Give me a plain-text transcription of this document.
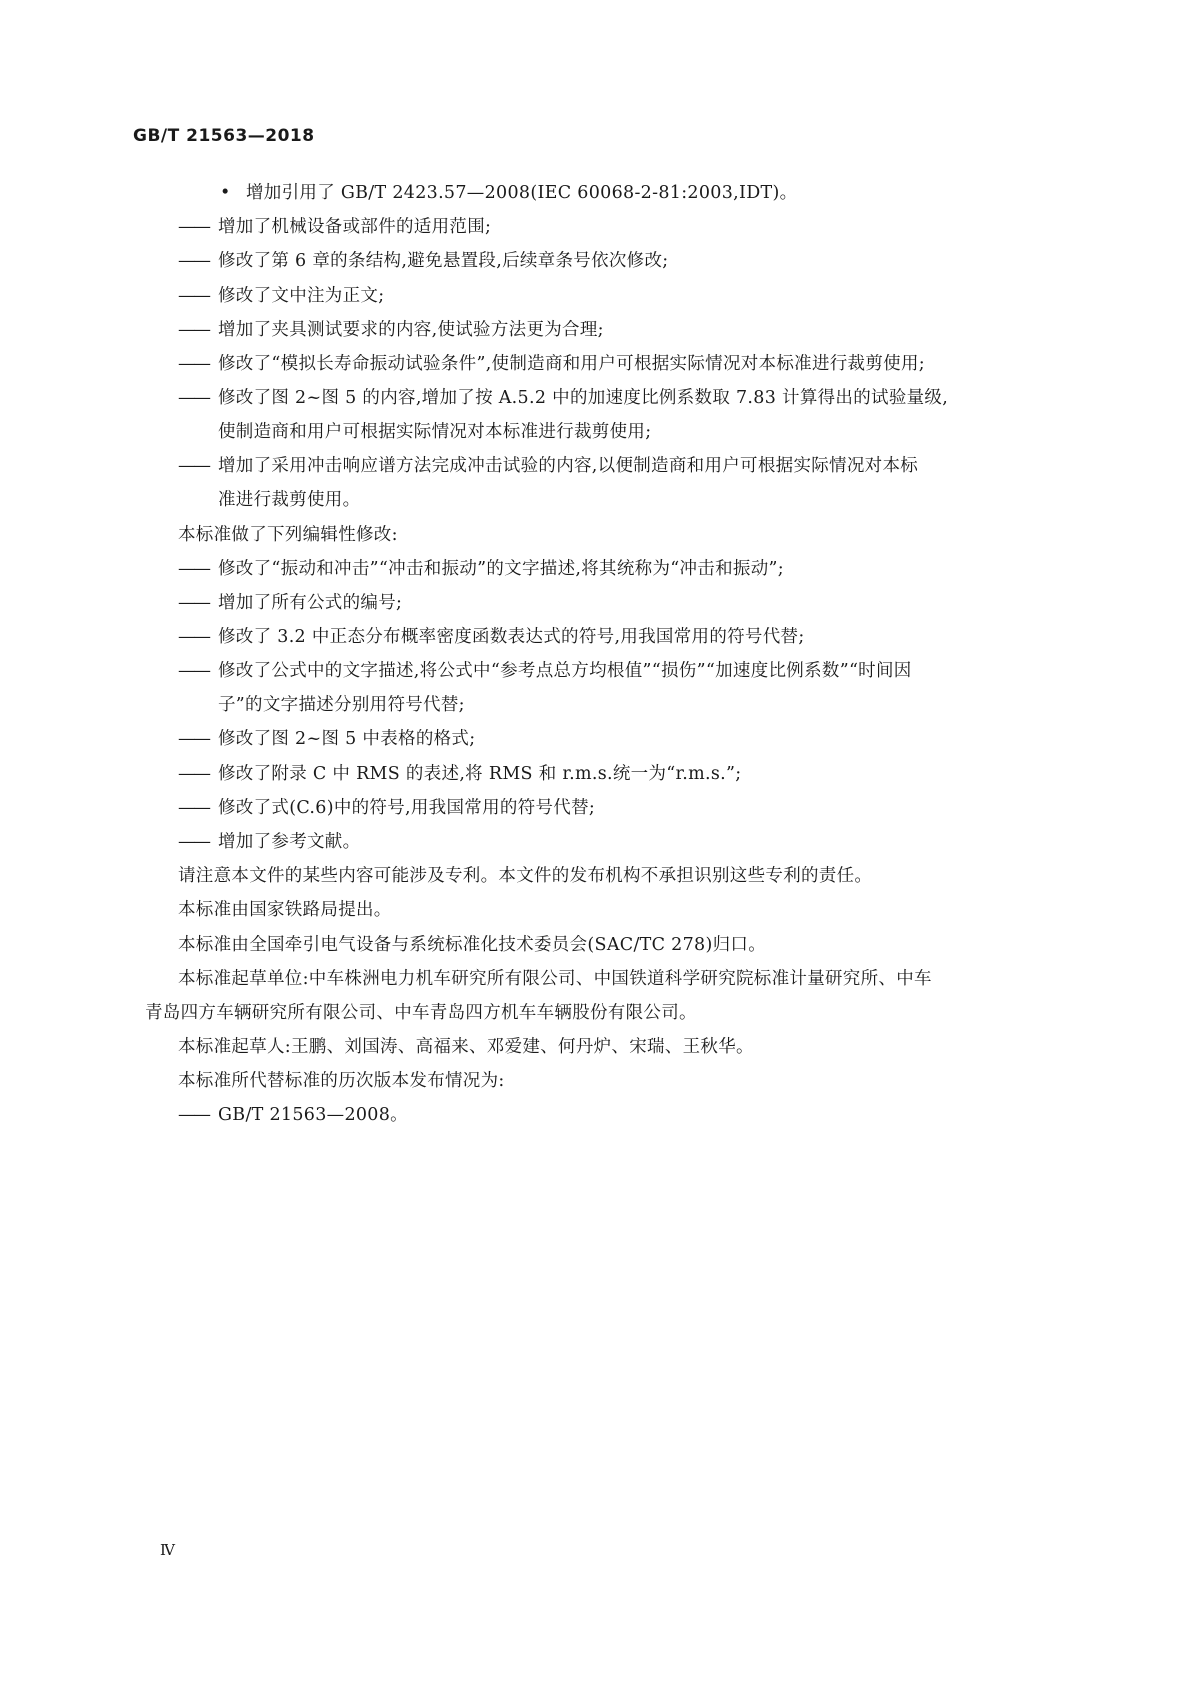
GB/T 21563—2018
• 增加引用了 GB/T 2423.57—2008(IEC 60068-2-81:2003,IDT)。
—— 增加了机械设备或部件的适用范围;
—— 修改了第 6 章的条结构,避免悬置段,后续章条号依次修改;
—— 修改了文中注为正文;
—— 增加了夹具测试要求的内容,使试验方法更为合理;
—— 修改了“模拟长寿命振动试验条件”,使制造商和用户可根据实际情况对本标准进行裁剪使用;
—— 修改了图 2~图 5 的内容,增加了按 A.5.2 中的加速度比例系数取 7.83 计算得出的试验量级,
使制造商和用户可根据实际情况对本标准进行裁剪使用;
—— 增加了采用冲击响应谱方法完成冲击试验的内容,以便制造商和用户可根据实际情况对本标
准进行裁剪使用。
本标准做了下列编辑性修改:
—— 修改了“振动和冲击”“冲击和振动”的文字描述,将其统称为“冲击和振动”;
—— 增加了所有公式的编号;
—— 修改了 3.2 中正态分布概率密度函数表达式的符号,用我国常用的符号代替;
—— 修改了公式中的文字描述,将公式中“参考点总方均根值”“损伤”“加速度比例系数”“时间因
子”的文字描述分别用符号代替;
—— 修改了图 2~图 5 中表格的格式;
—— 修改了附录 C 中 RMS 的表述,将 RMS 和 r.m.s.统一为“r.m.s.”;
—— 修改了式(C.6)中的符号,用我国常用的符号代替;
—— 增加了参考文献。
请注意本文件的某些内容可能涉及专利。本文件的发布机构不承担识别这些专利的责任。
本标准由国家铁路局提出。
本标准由全国牵引电气设备与系统标准化技术委员会(SAC/TC 278)归口。
本标准起草单位:中车株洲电力机车研究所有限公司、中国铁道科学研究院标准计量研究所、中车
青岛四方车辆研究所有限公司、中车青岛四方机车车辆股份有限公司。
本标准起草人:王鹏、刘国涛、高福来、邓爱建、何丹炉、宋瑞、王秋华。
本标准所代替标准的历次版本发布情况为:
—— GB/T 21563—2008。
Ⅳ
